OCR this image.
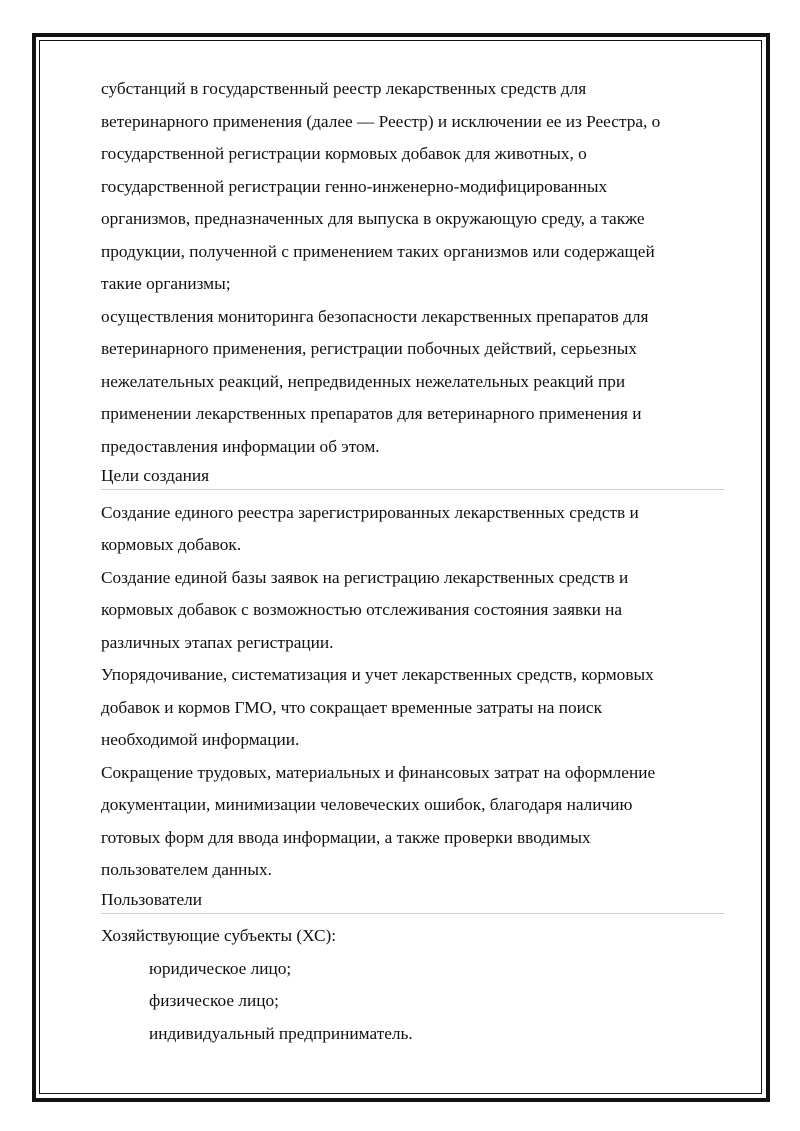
субстанций в государственный реестр лекарственных средств для
ветеринарного применения (далее — Реестр) и исключении ее из Реестра, о
государственной регистрации кормовых добавок для животных, о
государственной регистрации генно-инженерно-модифицированных
организмов, предназначенных для выпуска в окружающую среду, а также
продукции, полученной с применением таких организмов или содержащей
такие организмы;
осуществления мониторинга безопасности лекарственных препаратов для
ветеринарного применения, регистрации побочных действий, серьезных
нежелательных реакций, непредвиденных нежелательных реакций при
применении лекарственных препаратов для ветеринарного применения и
предоставления информации об этом.
Цели создания
Создание единого реестра зарегистрированных лекарственных средств и
кормовых добавок.
Создание единой базы заявок на регистрацию лекарственных средств и
кормовых добавок с возможностью отслеживания состояния заявки на
различных этапах регистрации.
Упорядочивание, систематизация и учет лекарственных средств, кормовых
добавок и кормов ГМО, что сокращает временные затраты на поиск
необходимой информации.
Сокращение трудовых, материальных и финансовых затрат на оформление
документации, минимизации человеческих ошибок, благодаря наличию
готовых форм для ввода информации, а также проверки вводимых
пользователем данных.
Пользователи
Хозяйствующие субъекты (ХС):
юридическое лицо;
физическое лицо;
индивидуальный предприниматель.
